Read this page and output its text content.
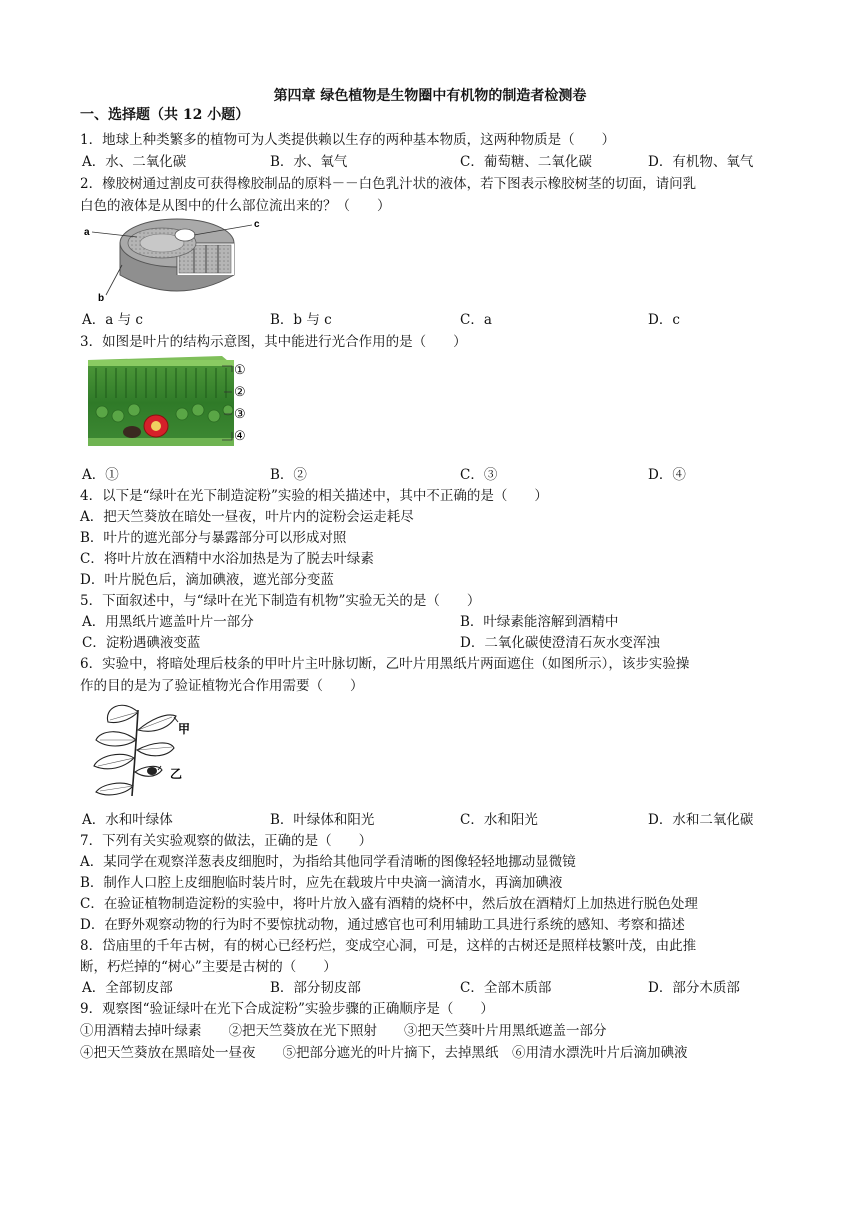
第四章 绿色植物是生物圈中有机物的制造者检测卷
一、选择题（共 12 小题）
1．地球上种类繁多的植物可为人类提供赖以生存的两种基本物质，这两种物质是（　　）
A．水、二氧化碳	B．水、氧气	C．葡萄糖、二氧化碳	D．有机物、氧气
2．橡胶树通过割皮可获得橡胶制品的原料－－白色乳汁状的液体，若下图表示橡胶树茎的切面，请问乳
白色的液体是从图中的什么部位流出来的？（　　）
a
b
c
A．a 与 c	B．b 与 c	C．a	D．c
3．如图是叶片的结构示意图，其中能进行光合作用的是（　　）
①
②
③
④
A．①	B．②	C．③	D．④
4．以下是“绿叶在光下制造淀粉”实验的相关描述中，其中不正确的是（　　）
A．把天竺葵放在暗处一昼夜，叶片内的淀粉会运走耗尽
B．叶片的遮光部分与暴露部分可以形成对照
C．将叶片放在酒精中水浴加热是为了脱去叶绿素
D．叶片脱色后，滴加碘液，遮光部分变蓝
5．下面叙述中，与“绿叶在光下制造有机物”实验无关的是（　　）
A．用黑纸片遮盖叶片一部分	B．叶绿素能溶解到酒精中
C．淀粉遇碘液变蓝	D．二氧化碳使澄清石灰水变浑浊
6．实验中，将暗处理后枝条的甲叶片主叶脉切断，乙叶片用黑纸片两面遮住（如图所示），该步实验操
作的目的是为了验证植物光合作用需要（　　）
甲
乙
A．水和叶绿体	B．叶绿体和阳光	C．水和阳光	D．水和二氧化碳
7．下列有关实验观察的做法，正确的是（　　）
A．某同学在观察洋葱表皮细胞时，为指给其他同学看清晰的图像轻轻地挪动显微镜
B．制作人口腔上皮细胞临时装片时，应先在载玻片中央滴一滴清水，再滴加碘液
C．在验证植物制造淀粉的实验中，将叶片放入盛有酒精的烧杯中，然后放在酒精灯上加热进行脱色处理
D．在野外观察动物的行为时不要惊扰动物，通过感官也可利用辅助工具进行系统的感知、考察和描述
8．岱庙里的千年古树，有的树心已经朽烂，变成空心洞，可是，这样的古树还是照样枝繁叶茂，由此推
断，朽烂掉的“树心”主要是古树的（　　）
A．全部韧皮部	B．部分韧皮部	C．全部木质部	D．部分木质部
9．观察图“验证绿叶在光下合成淀粉”实验步骤的正确顺序是（　　）
①用酒精去掉叶绿素　　②把天竺葵放在光下照射　　③把天竺葵叶片用黑纸遮盖一部分
④把天竺葵放在黑暗处一昼夜　　⑤把部分遮光的叶片摘下，去掉黑纸　⑥用清水漂洗叶片后滴加碘液
